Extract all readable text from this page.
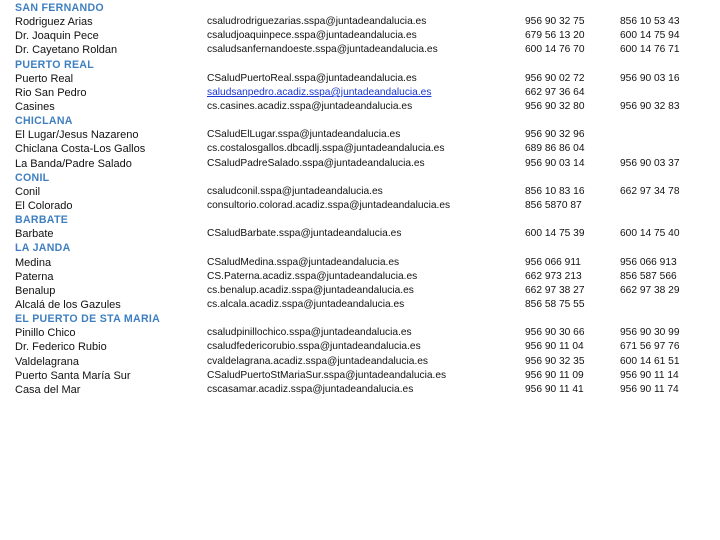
SAN FERNANDO
Rodriguez Arias	csaludrodriguezarias.sspa@juntadeandalucia.es	956 90 32 75	856 10 53 43
Dr. Joaquin Pece	csaludjoaquinpece.sspa@juntadeandalucia.es	679 56 13 20	600 14 75 94
Dr. Cayetano Roldan	csaludsanfernandoeste.sspa@juntadeandalucia.es	600 14 76 70	600 14 76 71
PUERTO REAL
Puerto Real	CSaludPuertoReal.sspa@juntadeandalucia.es	956 90 02 72	956 90 03 16
Rio San Pedro	saludsanpedro.acadiz.sspa@juntadeandalucia.es	662 97 36 64
Casines	cs.casines.acadiz.sspa@juntadeandalucia.es	956 90 32 80	956 90 32 83
CHICLANA
El Lugar/Jesus Nazareno	CSaludElLugar.sspa@juntadeandalucia.es	956 90 32 96
Chiclana Costa-Los Gallos	cs.costalosgallos.dbcadlj.sspa@juntadeandalucia.es	689 86 86 04
La Banda/Padre Salado	CSaludPadreSalado.sspa@juntadeandalucia.es	956 90 03 14	956 90 03 37
CONIL
Conil	csaludconil.sspa@juntadeandalucia.es	856 10 83 16	662 97 34 78
El Colorado	consultorio.colorad.acadiz.sspa@juntadeandalucia.es	856 5870 87
BARBATE
Barbate	CSaludBarbate.sspa@juntadeandalucia.es	600 14 75 39	600 14 75 40
LA JANDA
Medina	CSaludMedina.sspa@juntadeandalucia.es	956 066 911	956 066 913
Paterna	CS.Paterna.acadiz.sspa@juntadeandalucia.es	662 973 213	856 587 566
Benalup	cs.benalup.acadiz.sspa@juntadeandalucia.es	662 97 38 27	662 97 38 29
Alcalá de los Gazules	cs.alcala.acadiz.sspa@juntadeandalucia.es	856 58 75 55
EL PUERTO DE STA MARIA
Pinillo Chico	csaludpinillochico.sspa@juntadeandalucia.es	956 90 30 66	956 90 30 99
Dr. Federico Rubio	csaludfedericorubio.sspa@juntadeandalucia.es	956 90 11 04	671 56 97 76
Valdelagrana	cvaldelagrana.acadiz.sspa@juntadeandalucia.es	956 90 32 35	600 14 61 51
Puerto Santa María Sur	CSaludPuertoStMariaSur.sspa@juntadeandalucia.es	956 90 11 09	956 90 11 14
Casa del Mar	cscasamar.acadiz.sspa@juntadeandalucia.es	956 90 11 41	956 90 11 74
